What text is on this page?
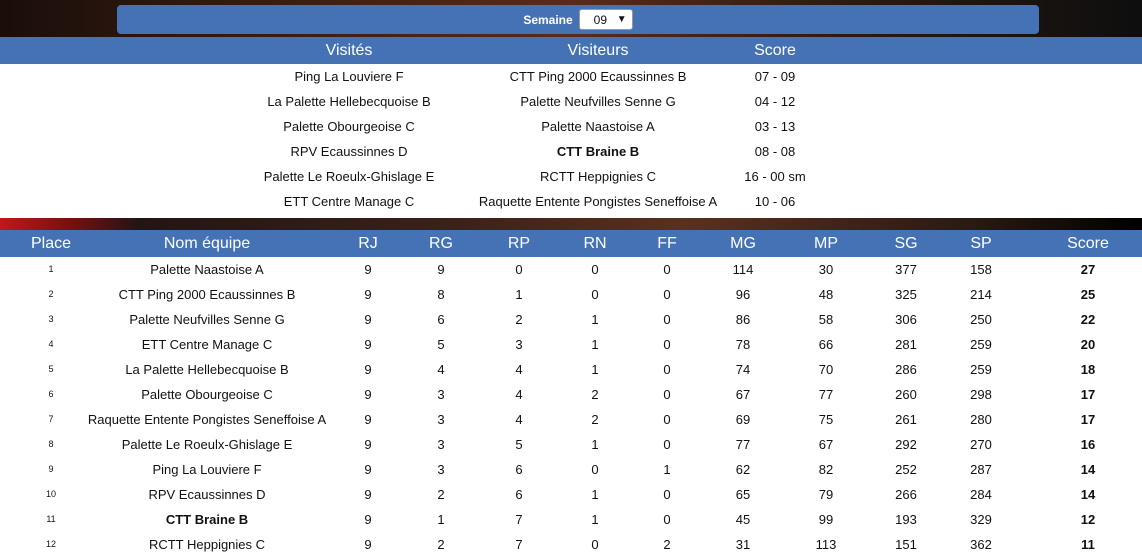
Semaine 09 ▼
Visités	Visiteurs	Score
Ping La Louviere F	CTT Ping 2000 Ecaussinnes B	07 - 09
La Palette Hellebecquoise B	Palette Neufvilles Senne G	04 - 12
Palette Obourgeoise C	Palette Naastoise A	03 - 13
RPV Ecaussinnes D	CTT Braine B	08 - 08
Palette Le Roeulx-Ghislage E	RCTT Heppignies C	16 - 00 sm
ETT Centre Manage C	Raquette Entente Pongistes Seneffoise A	10 - 06
Place	Nom équipe	RJ	RG	RP	RN	FF	MG	MP	SG	SP	Score
1	Palette Naastoise A	9	9	0	0	0	114	30	377	158	27
2	CTT Ping 2000 Ecaussinnes B	9	8	1	0	0	96	48	325	214	25
3	Palette Neufvilles Senne G	9	6	2	1	0	86	58	306	250	22
4	ETT Centre Manage C	9	5	3	1	0	78	66	281	259	20
5	La Palette Hellebecquoise B	9	4	4	1	0	74	70	286	259	18
6	Palette Obourgeoise C	9	3	4	2	0	67	77	260	298	17
7	Raquette Entente Pongistes Seneffoise A	9	3	4	2	0	69	75	261	280	17
8	Palette Le Roeulx-Ghislage E	9	3	5	1	0	77	67	292	270	16
9	Ping La Louviere F	9	3	6	0	1	62	82	252	287	14
10	RPV Ecaussinnes D	9	2	6	1	0	65	79	266	284	14
11	CTT Braine B	9	1	7	1	0	45	99	193	329	12
12	RCTT Heppignies C	9	2	7	0	2	31	113	151	362	11
